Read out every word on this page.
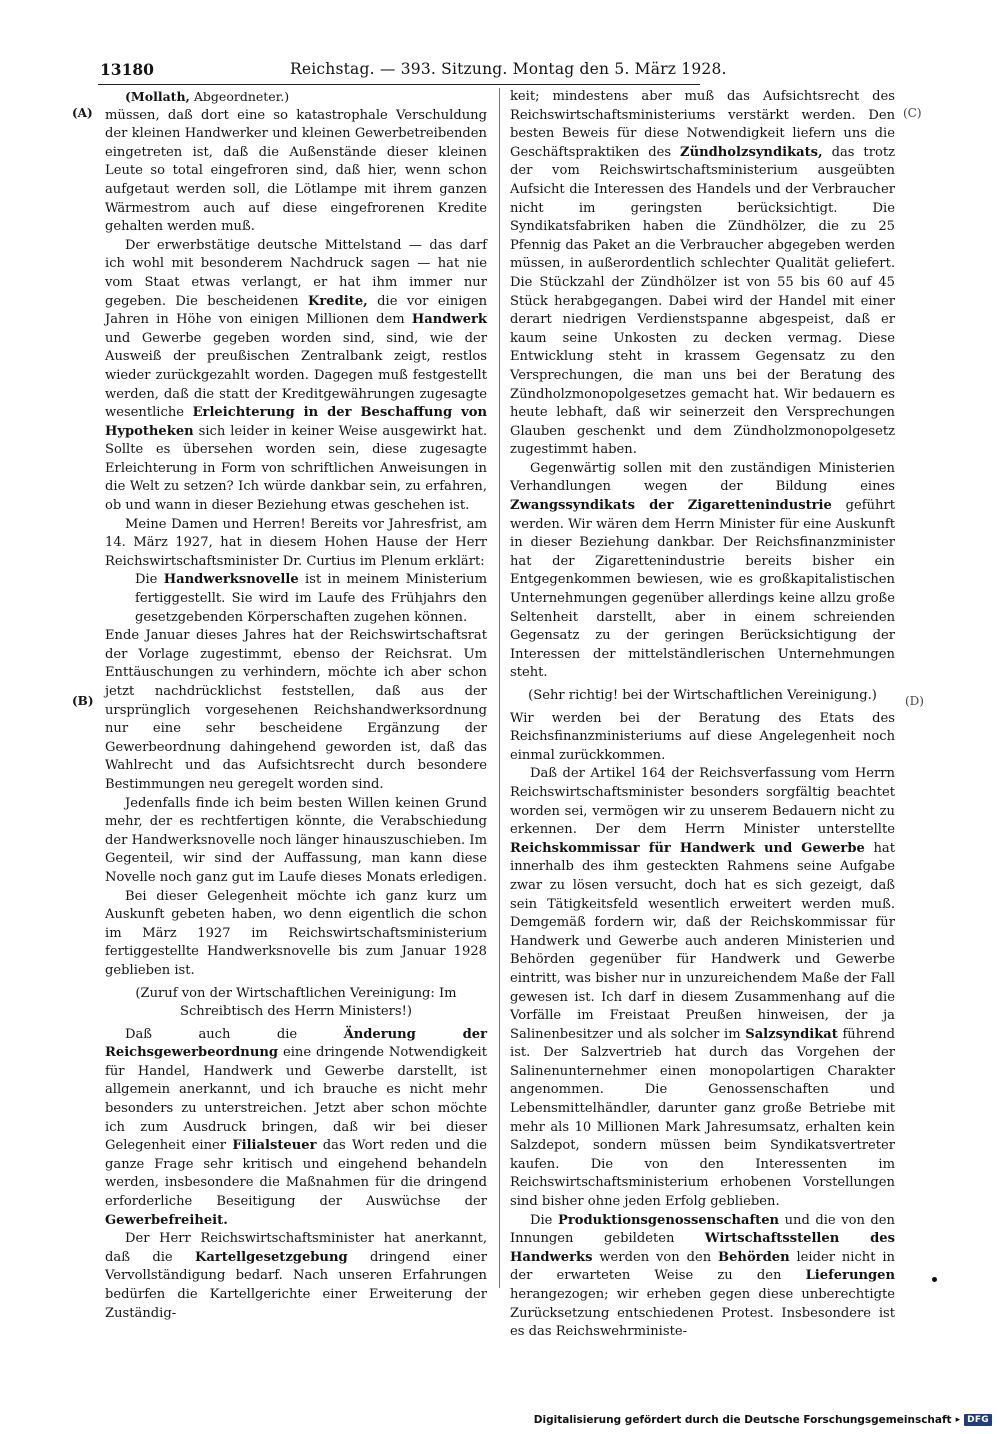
13180	Reichstag. — 393. Sitzung. Montag den 5. März 1928.
(A)
(B)
(C)
(D)

(Mollath, Abgeordneter.)

müssen, daß dort eine so katastrophale Verschuldung der kleinen Handwerker und kleinen Gewerbetreibenden eingetreten ist, daß die Außenstände dieser kleinen Leute so total eingefroren sind, daß hier, wenn schon aufgetaut werden soll, die Lötlampe mit ihrem ganzen Wärmestrom auch auf diese eingefrorenen Kredite gehalten werden muß.

Der erwerbstätige deutsche Mittelstand — das darf ich wohl mit besonderem Nachdruck sagen — hat nie vom Staat etwas verlangt, er hat ihm immer nur gegeben. Die bescheidenen Kredite, die vor einigen Jahren in Höhe von einigen Millionen dem Handwerk und Gewerbe gegeben worden sind, sind, wie der Ausweiß der preußischen Zentralbank zeigt, restlos wieder zurückgezahlt worden. Dagegen muß festgestellt werden, daß die statt der Kreditgewährungen zugesagte wesentliche Erleichterung in der Beschaffung von Hypotheken sich leider in keiner Weise ausgewirkt hat. Sollte es übersehen worden sein, diese zugesagte Erleichterung in Form von schriftlichen Anweisungen in die Welt zu setzen? Ich würde dankbar sein, zu erfahren, ob und wann in dieser Beziehung etwas geschehen ist.

Meine Damen und Herren! Bereits vor Jahresfrist, am 14. März 1927, hat in diesem Hohen Hause der Herr Reichswirtschaftsminister Dr. Curtius im Plenum erklärt:

Die Handwerksnovelle ist in meinem Ministerium fertiggestellt. Sie wird im Laufe des Frühjahrs den gesetzgebenden Körperschaften zugehen können.

Ende Januar dieses Jahres hat der Reichswirtschaftsrat der Vorlage zugestimmt, ebenso der Reichsrat. Um Enttäuschungen zu verhindern, möchte ich aber schon jetzt nachdrücklichst feststellen, daß aus der ursprünglich vorgesehenen Reichshandwerksordnung nur eine sehr bescheidene Ergänzung der Gewerbeordnung dahingehend geworden ist, daß das Wahlrecht und das Aufsichtsrecht durch besondere Bestimmungen neu geregelt worden sind.

Jedenfalls finde ich beim besten Willen keinen Grund mehr, der es rechtfertigen könnte, die Verabschiedung der Handwerksnovelle noch länger hinauszuschieben. Im Gegenteil, wir sind der Auffassung, man kann diese Novelle noch ganz gut im Laufe dieses Monats erledigen.

Bei dieser Gelegenheit möchte ich ganz kurz um Auskunft gebeten haben, wo denn eigentlich die schon im März 1927 im Reichswirtschaftsministerium fertiggestellte Handwerksnovelle bis zum Januar 1928 geblieben ist.

(Zuruf von der Wirtschaftlichen Vereinigung: Im Schreibtisch des Herrn Ministers!)

Daß auch die Änderung der Reichsgewerbeordnung eine dringende Notwendigkeit für Handel, Handwerk und Gewerbe darstellt, ist allgemein anerkannt, und ich brauche es nicht mehr besonders zu unterstreichen. Jetzt aber schon möchte ich zum Ausdruck bringen, daß wir bei dieser Gelegenheit einer Filialsteuer das Wort reden und die ganze Frage sehr kritisch und eingehend behandeln werden, insbesondere die Maßnahmen für die dringend erforderliche Beseitigung der Auswüchse der Gewerbefreiheit.

Der Herr Reichswirtschaftsminister hat anerkannt, daß die Kartellgesetzgebung dringend einer Vervollständigung bedarf. Nach unseren Erfahrungen bedürfen die Kartellgerichte einer Erweiterung der Zuständig-

keit; mindestens aber muß das Aufsichtsrecht des Reichswirtschaftsministeriums verstärkt werden. Den besten Beweis für diese Notwendigkeit liefern uns die Geschäftspraktiken des Zündholzsyndikats, das trotz der vom Reichswirtschaftsministerium ausgeübten Aufsicht die Interessen des Handels und der Verbraucher nicht im geringsten berücksichtigt. Die Syndikatsfabriken haben die Zündhölzer, die zu 25 Pfennig das Paket an die Verbraucher abgegeben werden müssen, in außerordentlich schlechter Qualität geliefert. Die Stückzahl der Zündhölzer ist von 55 bis 60 auf 45 Stück herabgegangen. Dabei wird der Handel mit einer derart niedrigen Verdienstspanne abgespeist, daß er kaum seine Unkosten zu decken vermag. Diese Entwicklung steht in krassem Gegensatz zu den Versprechungen, die man uns bei der Beratung des Zündholzmonopolgesetzes gemacht hat. Wir bedauern es heute lebhaft, daß wir seinerzeit den Versprechungen Glauben geschenkt und dem Zündholzmonopolgesetz zugestimmt haben.

Gegenwärtig sollen mit den zuständigen Ministerien Verhandlungen wegen der Bildung eines Zwangssyndikats der Zigarettenindustrie geführt werden. Wir wären dem Herrn Minister für eine Auskunft in dieser Beziehung dankbar. Der Reichsfinanzminister hat der Zigarettenindustrie bereits bisher ein Entgegenkommen bewiesen, wie es großkapitalistischen Unternehmungen gegenüber allerdings keine allzu große Seltenheit darstellt, aber in einem schreienden Gegensatz zu der geringen Berücksichtigung der Interessen der mittelständlerischen Unternehmungen steht.

(Sehr richtig! bei der Wirtschaftlichen Vereinigung.)

Wir werden bei der Beratung des Etats des Reichsfinanzministeriums auf diese Angelegenheit noch einmal zurückkommen.

Daß der Artikel 164 der Reichsverfassung vom Herrn Reichswirtschaftsminister besonders sorgfältig beachtet worden sei, vermögen wir zu unserem Bedauern nicht zu erkennen. Der dem Herrn Minister unterstellte Reichskommissar für Handwerk und Gewerbe hat innerhalb des ihm gesteckten Rahmens seine Aufgabe zwar zu lösen versucht, doch hat es sich gezeigt, daß sein Tätigkeitsfeld wesentlich erweitert werden muß. Demgemäß fordern wir, daß der Reichskommissar für Handwerk und Gewerbe auch anderen Ministerien und Behörden gegenüber für Handwerk und Gewerbe eintritt, was bisher nur in unzureichendem Maße der Fall gewesen ist. Ich darf in diesem Zusammenhang auf die Vorfälle im Freistaat Preußen hinweisen, der ja Salinenbesitzer und als solcher im Salzsyndikat führend ist. Der Salzvertrieb hat durch das Vorgehen der Salinenunternehmer einen monopolartigen Charakter angenommen. Die Genossenschaften und Lebensmittelhändler, darunter ganz große Betriebe mit mehr als 10 Millionen Mark Jahresumsatz, erhalten kein Salzdepot, sondern müssen beim Syndikatsvertreter kaufen. Die von den Interessenten im Reichswirtschaftsministerium erhobenen Vorstellungen sind bisher ohne jeden Erfolg geblieben.

Die Produktionsgenossenschaften und die von den Innungen gebildeten Wirtschaftsstellen des Handwerks werden von den Behörden leider nicht in der erwarteten Weise zu den Lieferungen herangezogen; wir erheben gegen diese unberechtigte Zurücksetzung entschiedenen Protest. Insbesondere ist es das Reichswehrministe-

Digitalisierung gefördert durch die Deutsche Forschungsgemeinschaft ▸ DFG
